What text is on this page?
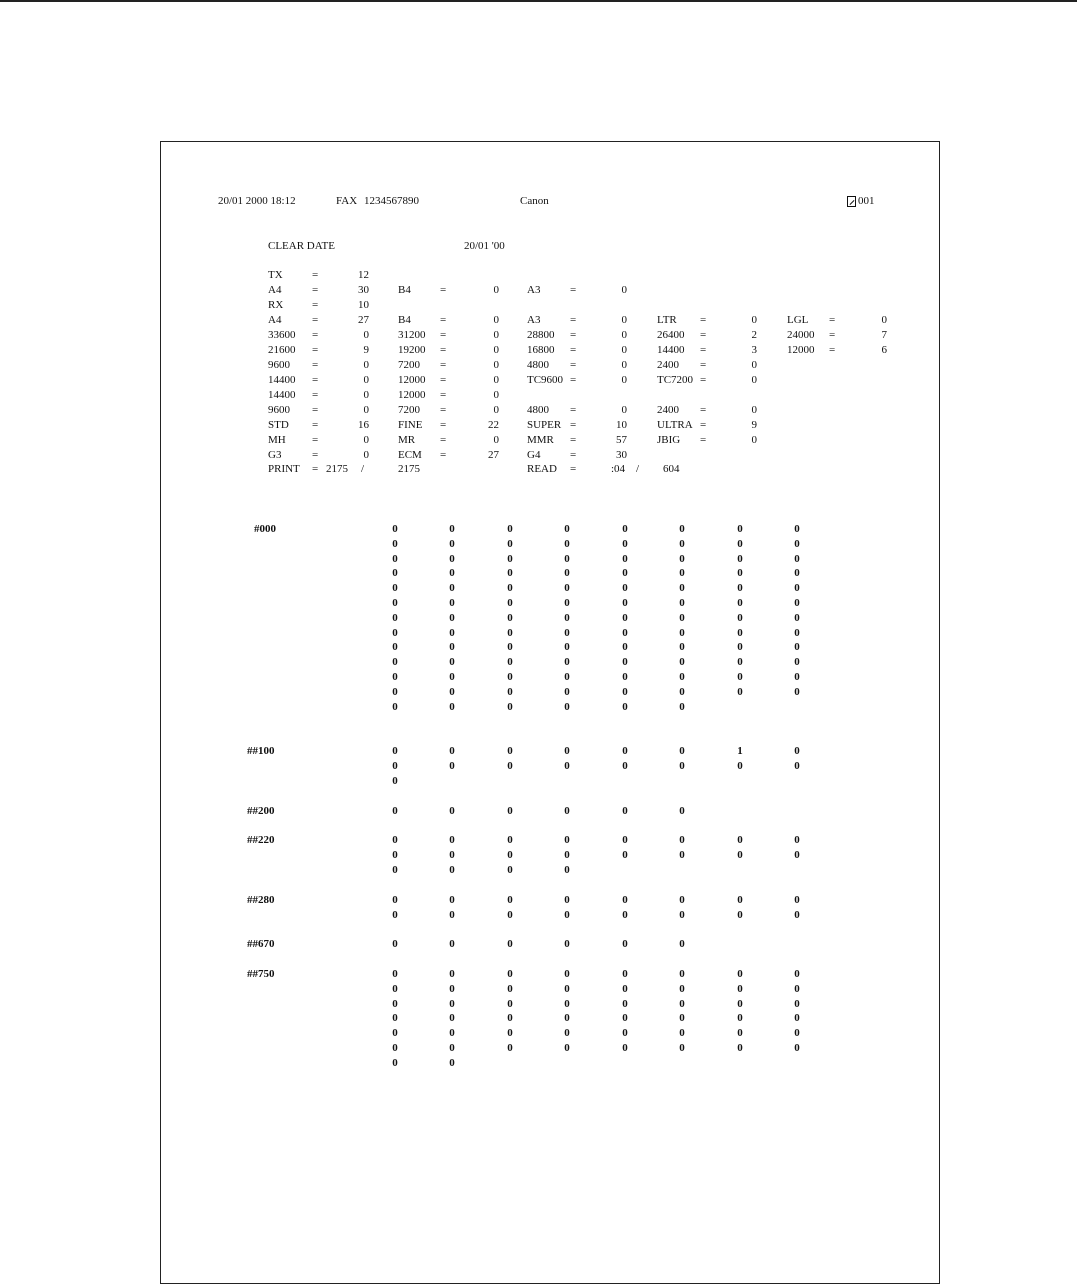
20/01 2000 18:12	FAX 1234567890	Canon	001
CLEAR DATE	20/01 '00
TX	=	12
A4	=	30	B4	=	0	A3	=	0
RX	=	10
A4	=	27	B4	=	0	A3	=	0	LTR =	0	LGL =	0
33600 =	0	31200 =	0	28800 =	0	26400 =	2	24000 =	7
21600 =	9	19200 =	0	16800 =	0	14400 =	3	12000 =	6
9600 =	0	7200 =	0	4800 =	0	2400 =	0
14400 =	0	12000 =	0	TC9600 =	0	TC7200 =	0
14400 =	0	12000 =	0
9600 =	0	7200 =	0	4800 =	0	2400 =	0
STD =	16	FINE =	22	SUPER =	10	ULTRA =	9
MH =	0	MR =	0	MMR =	57	JBIG =	0
G3	=	0	ECM =	27	G4	=	30
PRINT = 2175 /	2175	READ =	:04 / 604
#000	0	0	0	0	0	0	0	0
0	0	0	0	0	0	0	0
0	0	0	0	0	0	0	0
0	0	0	0	0	0	0	0
0	0	0	0	0	0	0	0
0	0	0	0	0	0	0	0
0	0	0	0	0	0	0	0
0	0	0	0	0	0	0	0
0	0	0	0	0	0	0	0
0	0	0	0	0	0	0	0
0	0	0	0	0	0	0	0
0	0	0	0	0	0	0	0
0	0	0	0	0	0
##100	0	0	0	0	0	0	1	0
0	0	0	0	0	0	0	0
0
##200	0	0	0	0	0	0
##220	0	0	0	0	0	0	0	0
0	0	0	0	0	0	0	0
0	0	0	0
##280	0	0	0	0	0	0	0	0
0	0	0	0	0	0	0	0
##670	0	0	0	0	0	0
##750	0	0	0	0	0	0	0	0
0	0	0	0	0	0	0	0
0	0	0	0	0	0	0	0
0	0	0	0	0	0	0	0
0	0	0	0	0	0	0	0
0	0	0	0	0	0	0	0
0	0
